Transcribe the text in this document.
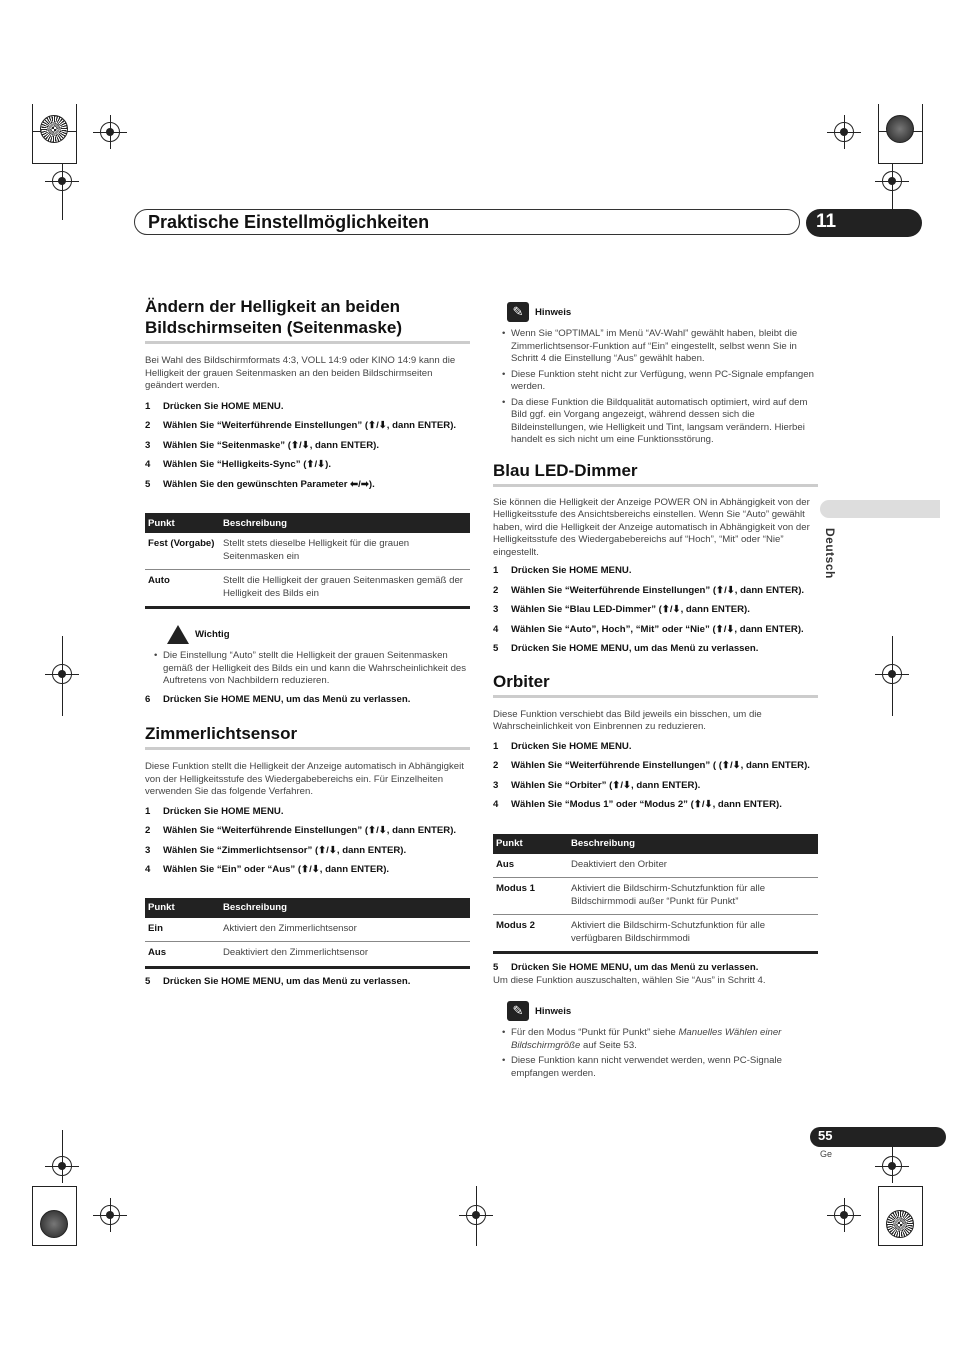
Praktische Einstellmöglichkeiten	11
Deutsch
Ändern der Helligkeit an beiden
Bildschirmseiten (Seitenmaske)

Bei Wahl des Bildschirmformats 4:3, VOLL 14:9 oder KINO 14:9 kann die Helligkeit der grauen Seitenmasken an den beiden Bildschirmseiten geändert werden.

1 Drücken Sie HOME MENU.

2 Wählen Sie “Weiterführende Einstellungen” (⬆/⬇, dann ENTER).

3 Wählen Sie “Seitenmaske” (⬆/⬇, dann ENTER).

4 Wählen Sie “Helligkeits-Sync” (⬆/⬇).

5 Wählen Sie den gewünschten Parameter ⬅/➡).

Punkt	Beschreibung
Fest (Vorgabe)	Stellt stets dieselbe Helligkeit für die grauen Seitenmasken ein
Auto	Stellt die Helligkeit der grauen Seitenmasken gemäß der Helligkeit des Bilds ein
Wichtig
• Die Einstellung “Auto” stellt die Helligkeit der grauen Seitenmasken gemäß der Helligkeit des Bilds ein und kann die Wahrscheinlichkeit des Auftretens von Nachbildern reduzieren.

6 Drücken Sie HOME MENU, um das Menü zu verlassen.

Zimmerlichtsensor

Diese Funktion stellt die Helligkeit der Anzeige automatisch in Abhängigkeit von der Helligkeitsstufe des Wiedergabebereichs ein. Für Einzelheiten verwenden Sie das folgende Verfahren.

1 Drücken Sie HOME MENU.

2 Wählen Sie “Weiterführende Einstellungen” (⬆/⬇, dann ENTER).

3 Wählen Sie “Zimmerlichtsensor” (⬆/⬇, dann ENTER).

4 Wählen Sie “Ein” oder “Aus” (⬆/⬇, dann ENTER).

Punkt	Beschreibung
Ein	Aktiviert den Zimmerlichtsensor
Aus	Deaktiviert den Zimmerlichtsensor

5 Drücken Sie HOME MENU, um das Menü zu verlassen.

✎	Hinweis
• Wenn Sie “OPTIMAL” im Menü “AV-Wahl” gewählt haben, bleibt die Zimmerlichtsensor-Funktion auf “Ein” eingestellt, selbst wenn Sie in Schritt 4 die Einstellung “Aus” gewählt haben.
• Diese Funktion steht nicht zur Verfügung, wenn PC-Signale empfangen werden.
• Da diese Funktion die Bildqualität automatisch optimiert, wird auf dem Bild ggf. ein Vorgang angezeigt, während dessen sich die Bildeinstellungen, wie Helligkeit und Tint, langsam verändern. Hierbei handelt es sich nicht um eine Funktionsstörung.
Blau LED-Dimmer

Sie können die Helligkeit der Anzeige POWER ON in Abhängigkeit von der Helligkeitsstufe des Ansichtsbereichs einstellen. Wenn Sie “Auto” gewählt haben, wird die Helligkeit der Anzeige automatisch in Abhängigkeit von der Helligkeitsstufe des Wiedergabebereichs auf “Hoch”, “Mit” oder “Nie” eingestellt.

1 Drücken Sie HOME MENU.

2 Wählen Sie “Weiterführende Einstellungen” (⬆/⬇, dann ENTER).

3 Wählen Sie “Blau LED-Dimmer” (⬆/⬇, dann ENTER).

4 Wählen Sie “Auto”, Hoch”, “Mit” oder “Nie” (⬆/⬇, dann ENTER).

5 Drücken Sie HOME MENU, um das Menü zu verlassen.

Orbiter

Diese Funktion verschiebt das Bild jeweils ein bisschen, um die Wahrscheinlichkeit von Einbrennen zu reduzieren.

1 Drücken Sie HOME MENU.

2 Wählen Sie “Weiterführende Einstellungen” ( (⬆/⬇, dann ENTER).

3 Wählen Sie “Orbiter” (⬆/⬇, dann ENTER).

4 Wählen Sie “Modus 1” oder “Modus 2” (⬆/⬇, dann ENTER).

Punkt	Beschreibung
Aus	Deaktiviert den Orbiter
Modus 1	Aktiviert die Bildschirm-Schutzfunktion für alle Bildschirmmodi außer “Punkt für Punkt”
Modus 2	Aktiviert die Bildschirm-Schutzfunktion für alle verfügbaren Bildschirmmodi

5 Drücken Sie HOME MENU, um das Menü zu verlassen.

Um diese Funktion auszuschalten, wählen Sie “Aus” in Schritt 4.

✎	Hinweis
• Für den Modus “Punkt für Punkt” siehe Manuelles Wählen einer Bildschirmgröße auf Seite 53.
• Diese Funktion kann nicht verwendet werden, wenn PC-Signale empfangen werden.
55
Ge
